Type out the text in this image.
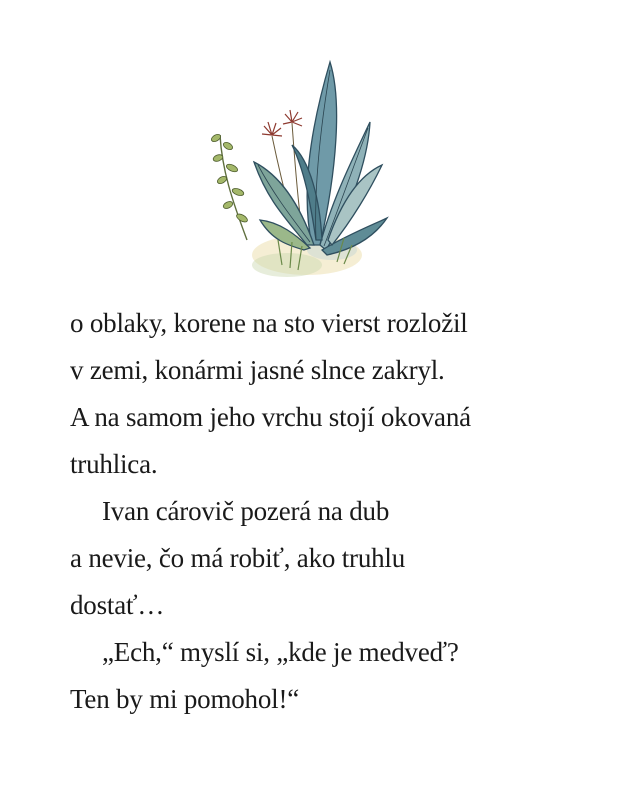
o oblaky, korene na sto vierst rozložil
v zemi, konármi jasné slnce zakryl.
A na samom jeho vrchu stojí okovaná
truhlica.
Ivan cárovič pozerá na dub
a nevie, čo má robiť, ako truhlu
dostať…
„Ech,“ myslí si, „kde je medveď?
Ten by mi pomohol!“
